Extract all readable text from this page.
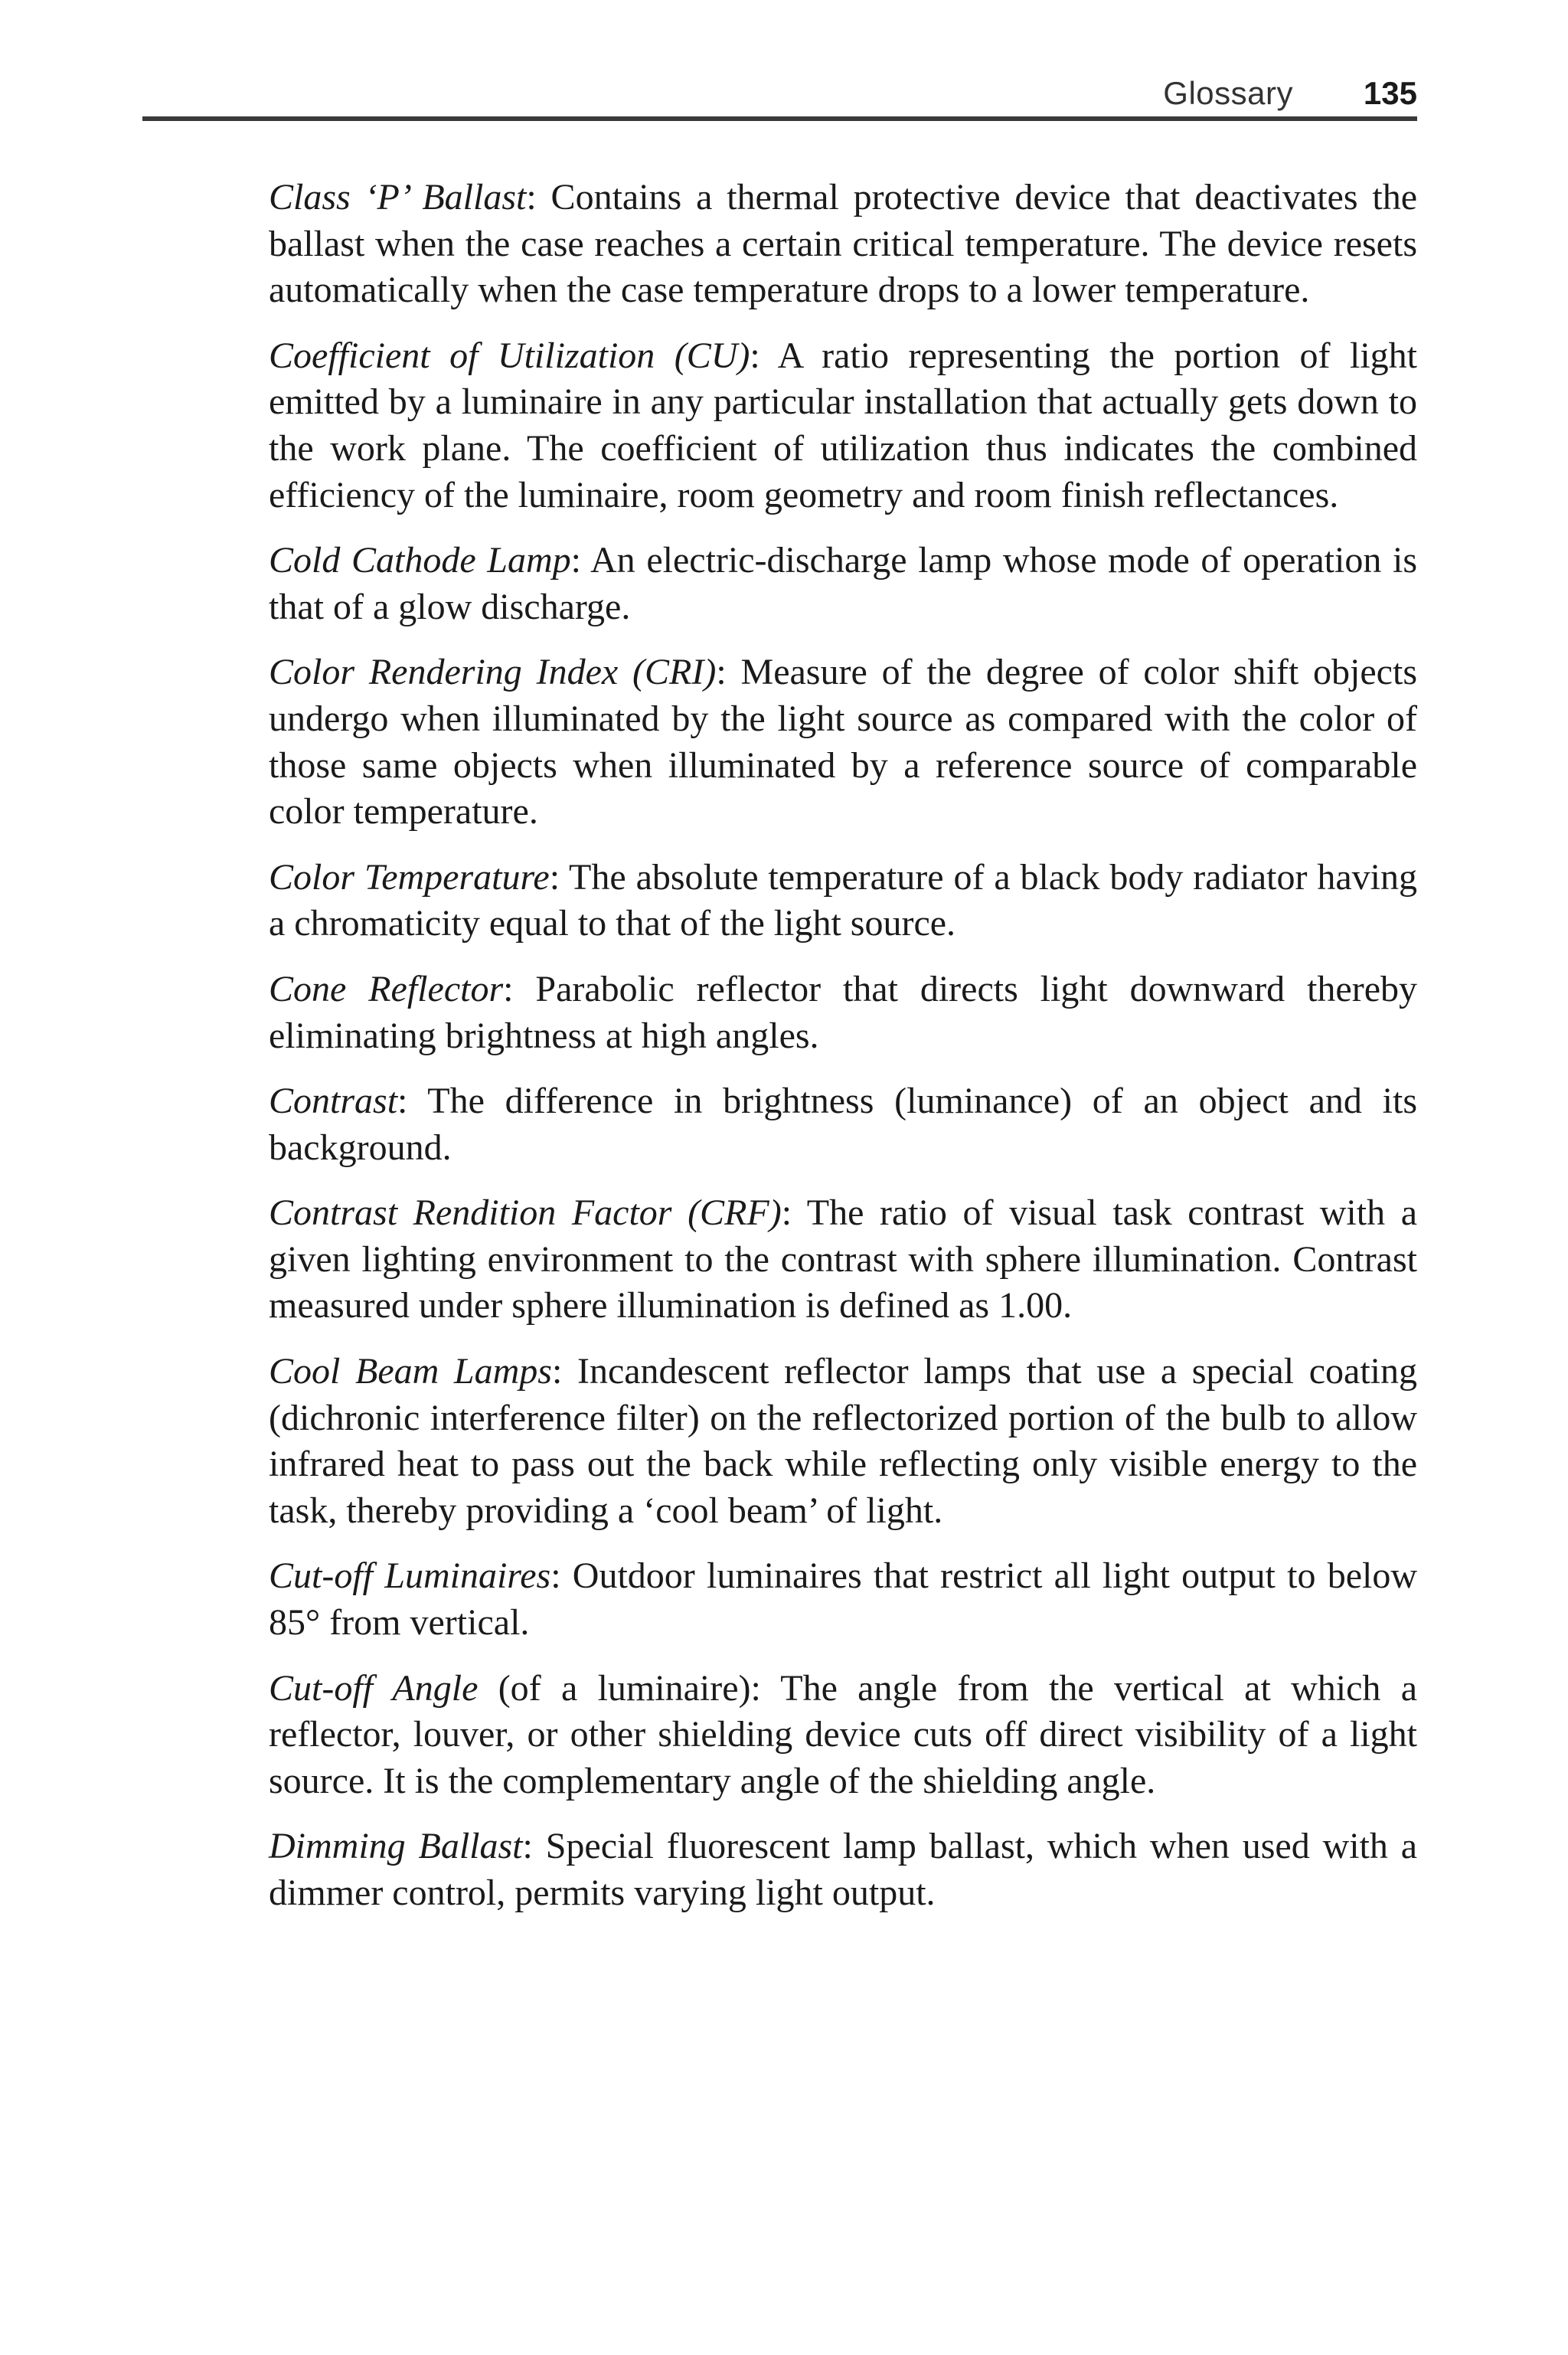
Glossary 135

Class ‘P’ Ballast: Contains a thermal protective device that deactivates the ballast when the case reaches a certain critical temperature. The device resets automatically when the case temperature drops to a lower temperature.

Coefficient of Utilization (CU): A ratio representing the portion of light emitted by a luminaire in any particular installation that actually gets down to the work plane. The coefficient of utilization thus indicates the combined efficiency of the luminaire, room geometry and room finish reflectances.

Cold Cathode Lamp: An electric-discharge lamp whose mode of operation is that of a glow discharge.

Color Rendering Index (CRI): Measure of the degree of color shift objects undergo when illuminated by the light source as compared with the color of those same objects when illuminated by a reference source of comparable color temperature.

Color Temperature: The absolute temperature of a black body radiator having a chromaticity equal to that of the light source.

Cone Reflector: Parabolic reflector that directs light downward thereby eliminating brightness at high angles.

Contrast: The difference in brightness (luminance) of an object and its background.

Contrast Rendition Factor (CRF): The ratio of visual task contrast with a given lighting environment to the contrast with sphere illumination. Contrast measured under sphere illumination is defined as 1.00.

Cool Beam Lamps: Incandescent reflector lamps that use a special coating (dichronic interference filter) on the reflectorized portion of the bulb to allow infrared heat to pass out the back while reflecting only visible energy to the task, thereby providing a ‘cool beam’ of light.

Cut-off Luminaires: Outdoor luminaires that restrict all light output to below 85° from vertical.

Cut-off Angle (of a luminaire): The angle from the vertical at which a reflector, louver, or other shielding device cuts off direct visibility of a light source. It is the complementary angle of the shielding angle.

Dimming Ballast: Special fluorescent lamp ballast, which when used with a dimmer control, permits varying light output.
